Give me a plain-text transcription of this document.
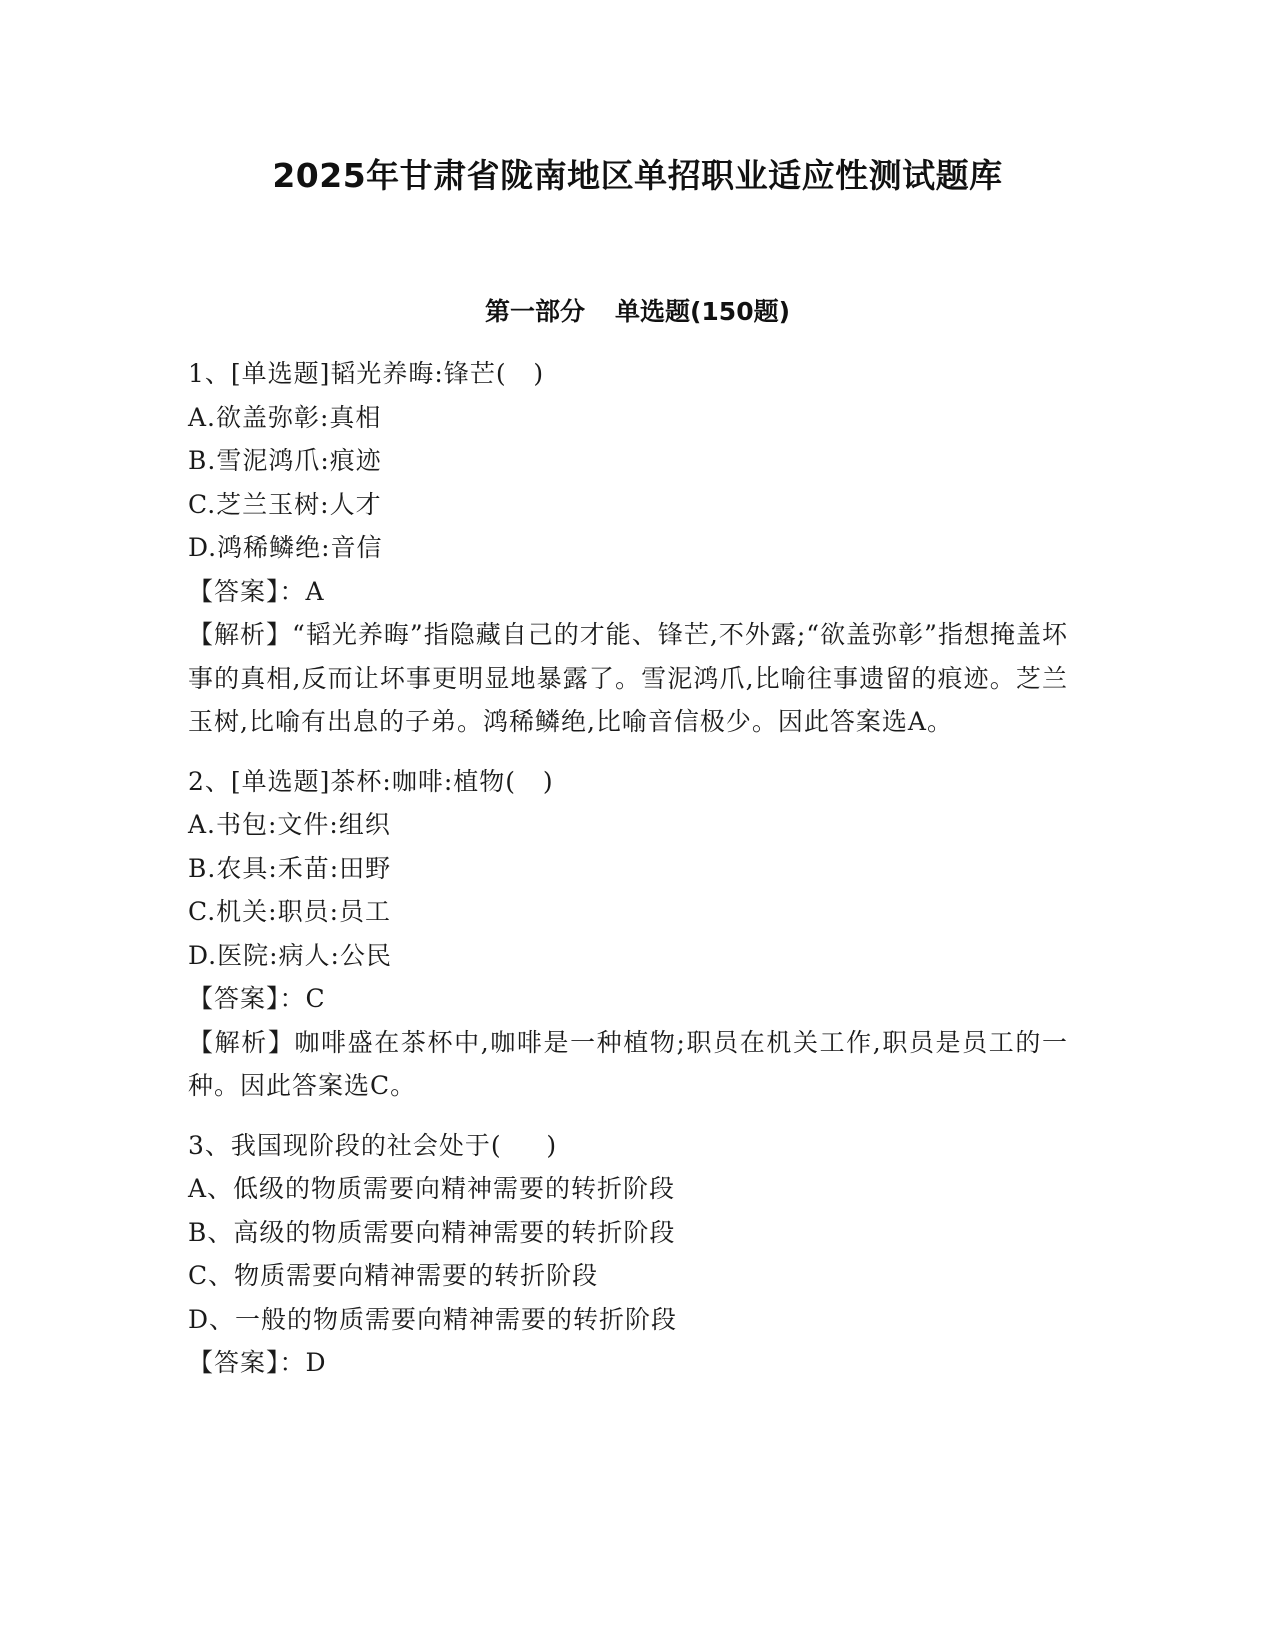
2025年甘肃省陇南地区单招职业适应性测试题库
第一部分 单选题(150题)
1、[单选题]韬光养晦:锋芒(   )
A.欲盖弥彰:真相
B.雪泥鸿爪:痕迹
C.芝兰玉树:人才
D.鸿稀鳞绝:音信
【答案】：A
【解析】“韬光养晦”指隐藏自己的才能、锋芒,不外露;“欲盖弥彰”指想掩盖坏事的真相,反而让坏事更明显地暴露了。雪泥鸿爪,比喻往事遗留的痕迹。芝兰玉树,比喻有出息的子弟。鸿稀鳞绝,比喻音信极少。因此答案选A。
2、[单选题]茶杯:咖啡:植物(   )
A.书包:文件:组织
B.农具:禾苗:田野
C.机关:职员:员工
D.医院:病人:公民
【答案】：C
【解析】咖啡盛在茶杯中,咖啡是一种植物;职员在机关工作,职员是员工的一种。因此答案选C。
3、我国现阶段的社会处于(     )
A、低级的物质需要向精神需要的转折阶段
B、高级的物质需要向精神需要的转折阶段
C、物质需要向精神需要的转折阶段
D、一般的物质需要向精神需要的转折阶段
【答案】：D
